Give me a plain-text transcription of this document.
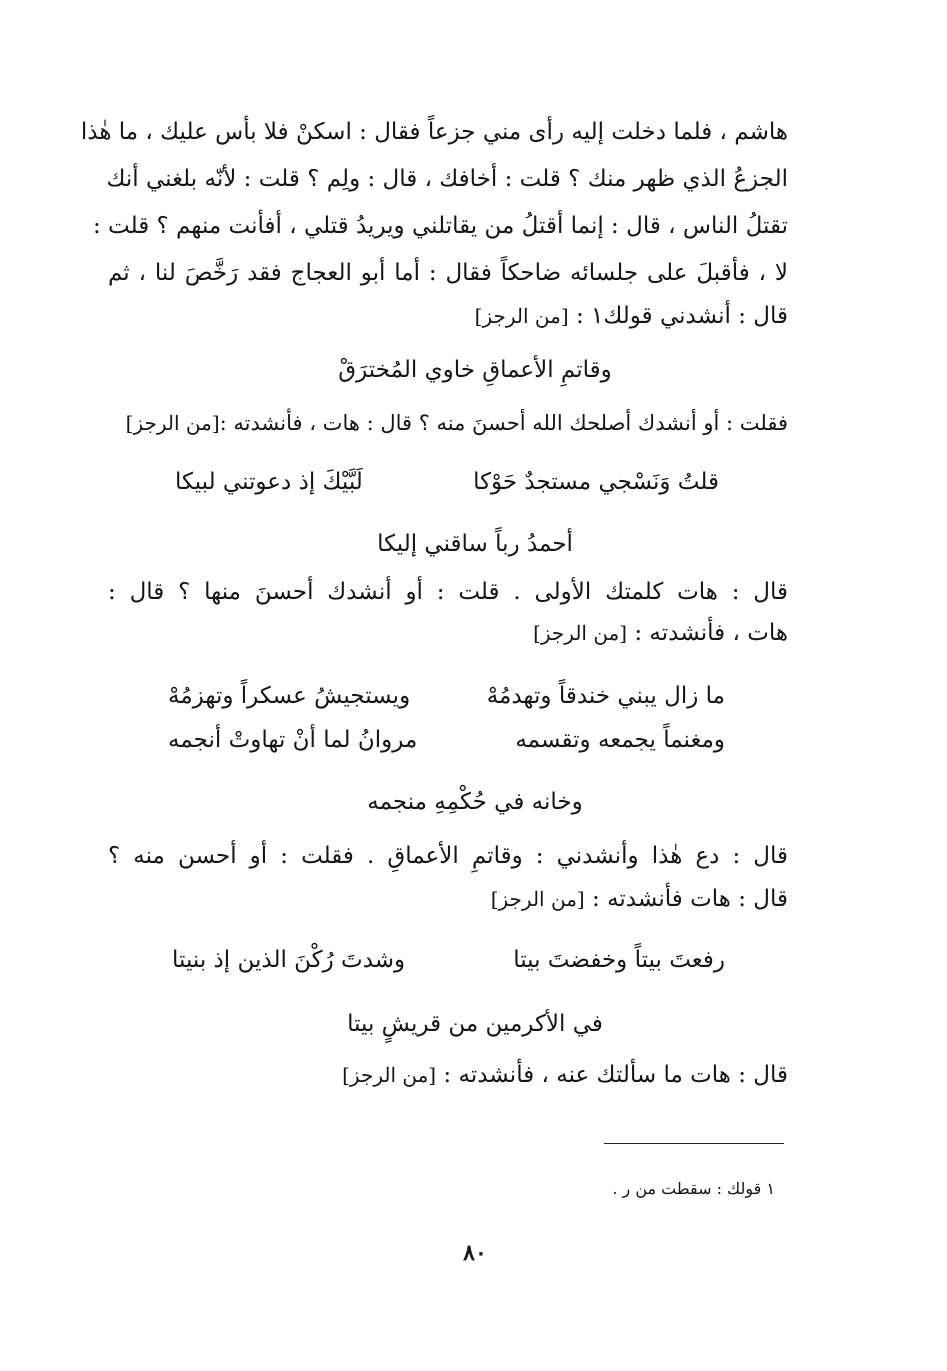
هاشم ، فلما دخلت إليه رأى مني جزعاً فقال : اسكنْ فلا بأس عليك ، ما هٰذا
الجزعُ الذي ظهر منك ؟ قلت : أخافك ، قال : ولِم ؟ قلت : لأنّه بلغني أنك
تقتلُ الناس ، قال : إنما أقتلُ من يقاتلني ويريدُ قتلي ، أفأنت منهم ؟ قلت :
لا ، فأقبلَ على جلسائه ضاحكاً فقال : أما أبو العجاج فقد رَخَّصَ لنا ، ثم
قال : أنشدني قولك١ : [من الرجز]
وقاتمِ الأعماقِ خاوي المُخترَقْ
فقلت : أو أنشدك أصلحك الله أحسنَ منه ؟ قال : هات ، فأنشدته :[من الرجز]
قلتُ وَنَسْجي مستجدٌ حَوْكا
لَبَّيْكَ إذ دعوتني لبيكا
أحمدُ رباً ساقني إليكا
قال : هات كلمتك الأولى . قلت : أو أنشدك أحسنَ منها ؟ قال :
هات ، فأنشدته : [من الرجز]
ما زال يبني خندقاً وتهدمُهْ
ويستجيشُ عسكراً وتهزمُهْ
ومغنماً يجمعه وتقسمه
مروانُ لما أنْ تهاوتْ أنجمه
وخانه في حُكْمِهِ منجمه
قال : دع هٰذا وأنشدني : وقاتمِ الأعماقِ . فقلت : أو أحسن منه ؟
قال : هات فأنشدته : [من الرجز]
رفعتَ بيتاً وخفضتَ بيتا
وشدتَ رُكْنَ الذين إذ بنيتا
في الأكرمين من قريشٍ بيتا
قال : هات ما سألتك عنه ، فأنشدته : [من الرجز]
١ قولك : سقطت من ر .
٨٠
